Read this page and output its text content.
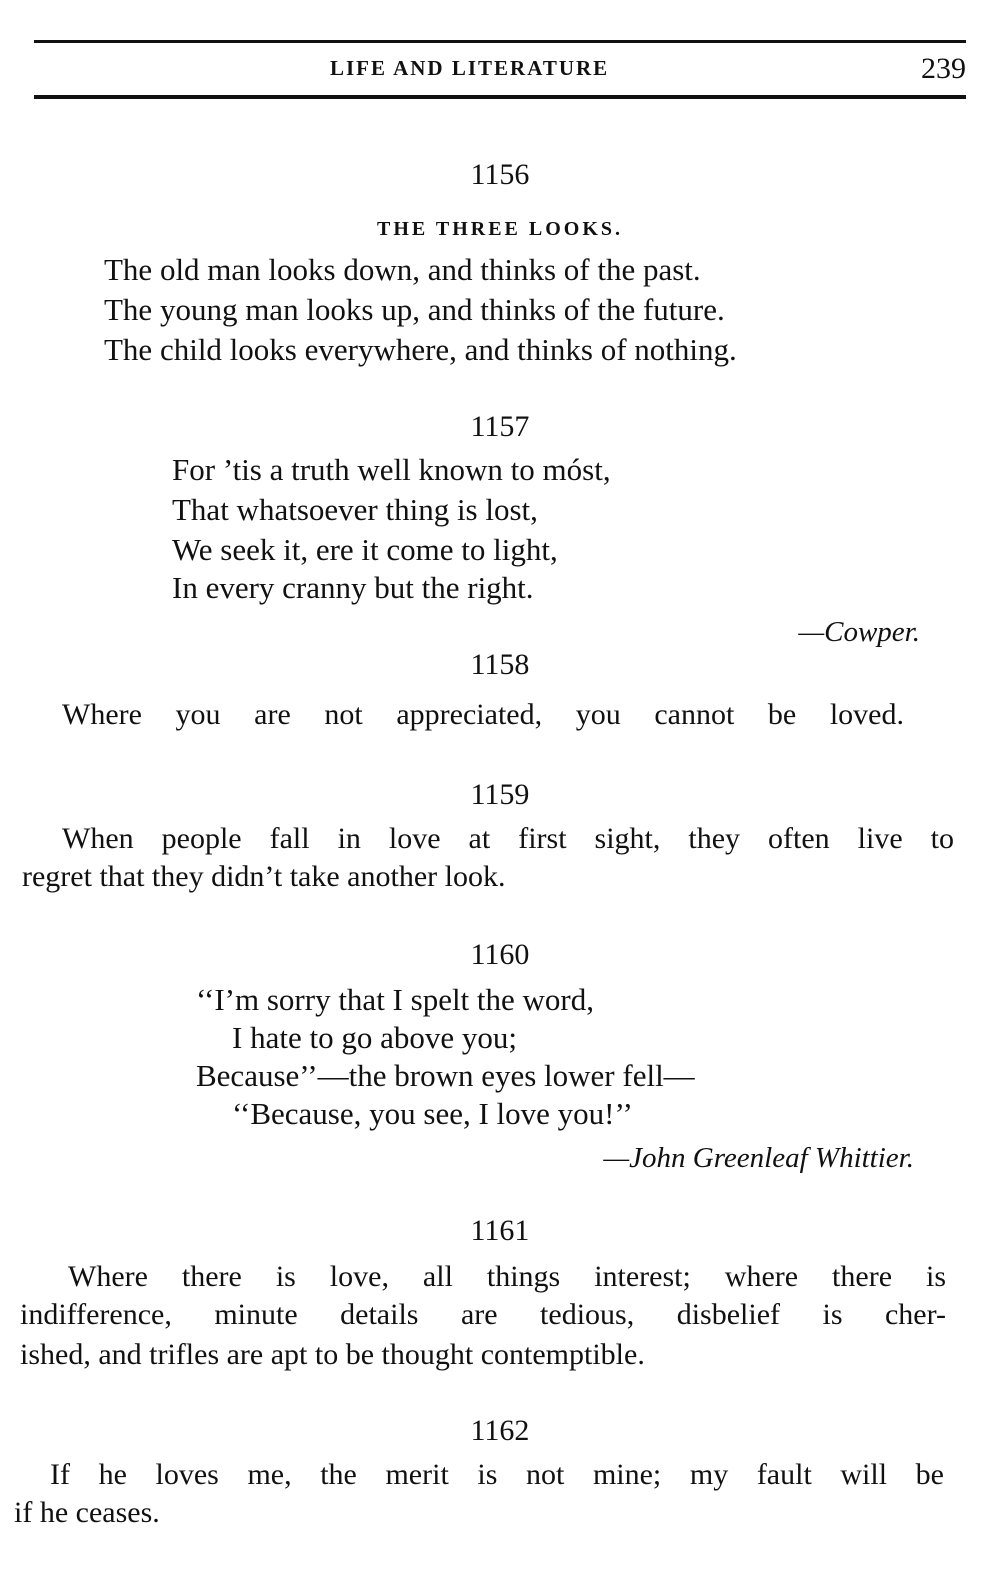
LIFE AND LITERATURE	239
1156
THE THREE LOOKS.
The old man looks down, and thinks of the past.
The young man looks up, and thinks of the future.
The child looks everywhere, and thinks of nothing.
1157
For ’tis a truth well known to móst,
That whatsoever thing is lost,
We seek it, ere it come to light,
In every cranny but the right.
—Cowper.
1158
Where you are not appreciated, you cannot be loved.
1159
When people fall in love at first sight, they often live to
regret that they didn’t take another look.
1160
‘‘I’m sorry that I spelt the word,
I hate to go above you;
Because’’—the brown eyes lower fell—
‘‘Because, you see, I love you!’’
—John Greenleaf Whittier.
1161
Where there is love, all things interest; where there is
indifference, minute details are tedious, disbelief is cher-
ished, and trifles are apt to be thought contemptible.
1162
If he loves me, the merit is not mine; my fault will be
if he ceases.
